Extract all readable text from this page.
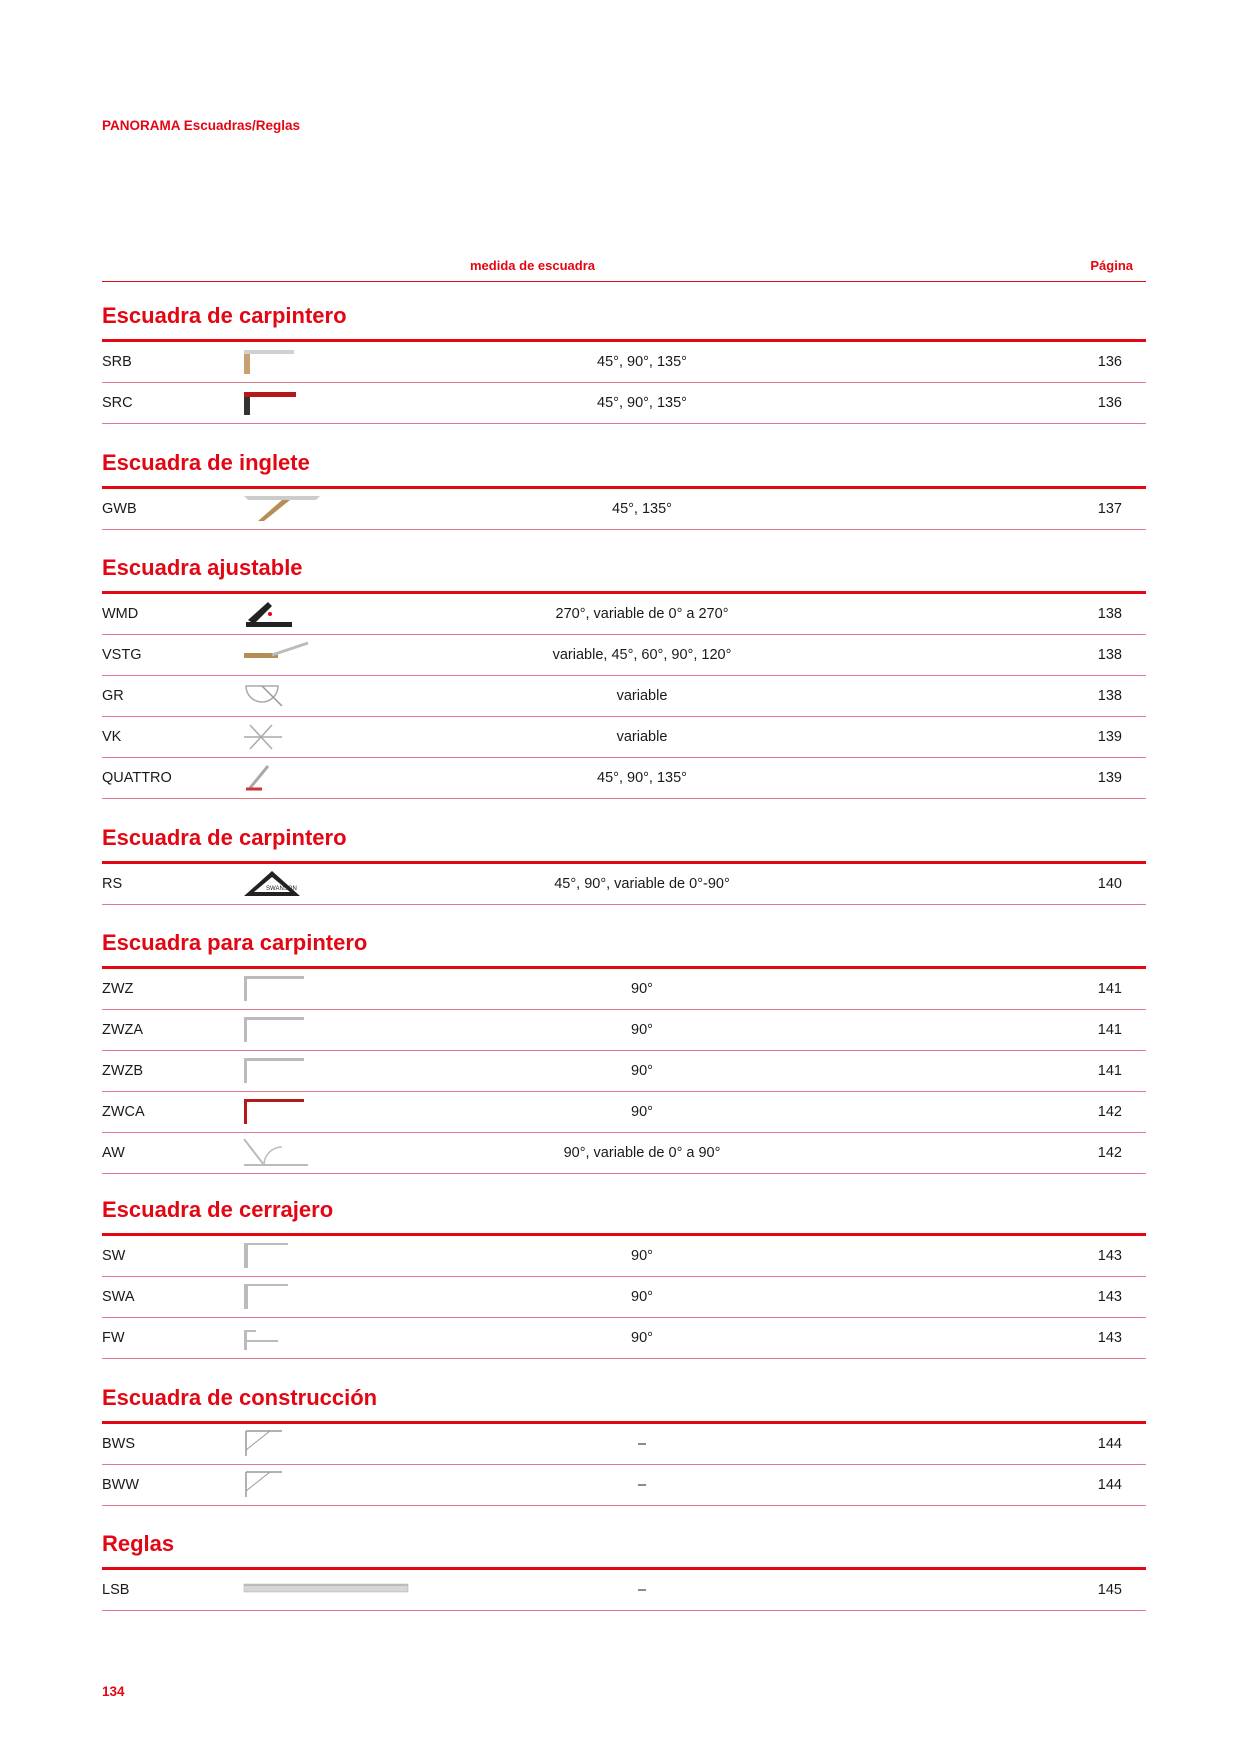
PANORAMA Escuadras/Reglas
medida de escuadra	Página
Escuadra de carpintero
SRB	45°, 90°, 135°	136
SRC	45°, 90°, 135°	136
Escuadra de inglete
GWB	45°, 135°	137
Escuadra ajustable
WMD	270°, variable de 0° a 270°	138
VSTG	variable, 45°, 60°, 90°, 120°	138
GR	variable	138
VK	variable	139
QUATTRO	45°, 90°, 135°	139
Escuadra de carpintero
RS	SWANSON	45°, 90°, variable de 0°-90°	140
Escuadra para carpintero
ZWZ	90°	141
ZWZA	90°	141
ZWZB	90°	141
ZWCA	90°	142
AW	90°, variable de 0° a 90°	142
Escuadra de cerrajero
SW	90°	143
SWA	90°	143
FW	90°	143
Escuadra de construcción
BWS	–	144
BWW	–	144
Reglas
LSB	–	145
134
